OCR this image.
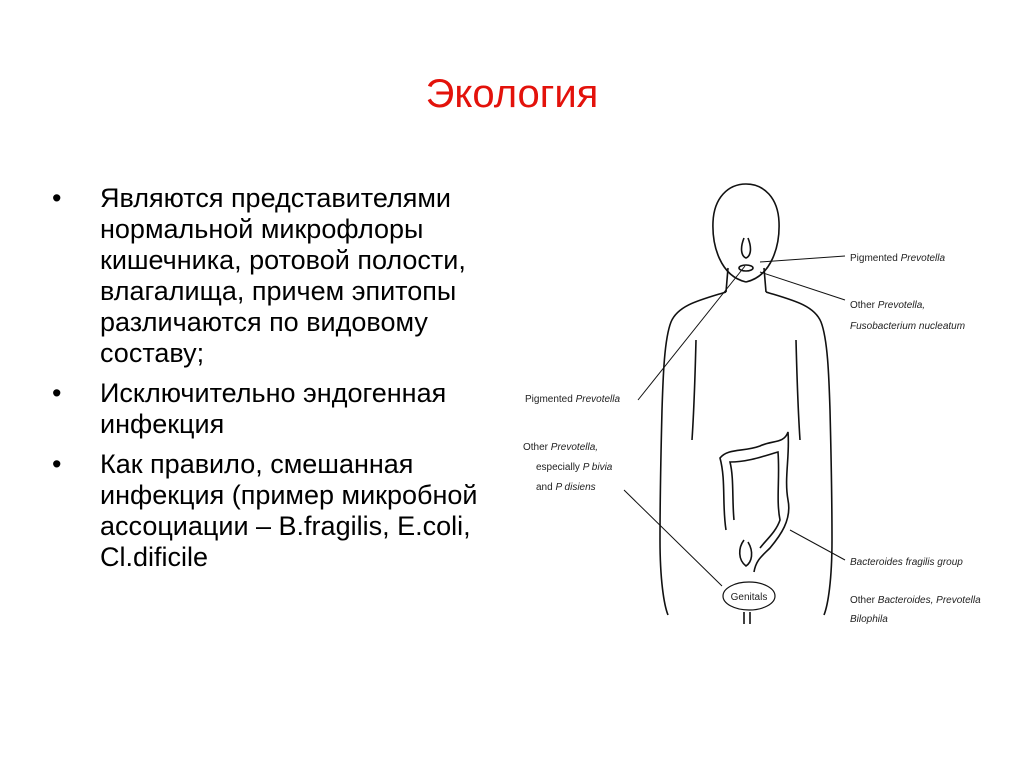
Экология
• Являются представителями нормальной микрофлоры кишечника, ротовой полости, влагалища, причем эпитопы различаются по видовому составу;
• Исключительно эндогенная инфекция
• Как правило, смешанная инфекция (пример микробной ассоциации – B.fragilis, E.coli, Cl.dificile
Genitals
Pigmented Prevotella
Other Prevotella,
Fusobacterium nucleatum
Pigmented Prevotella
Other Prevotella,
especially P bivia
and P disiens
Bacteroides fragilis group
Other Bacteroides, Prevotella
Bilophila
